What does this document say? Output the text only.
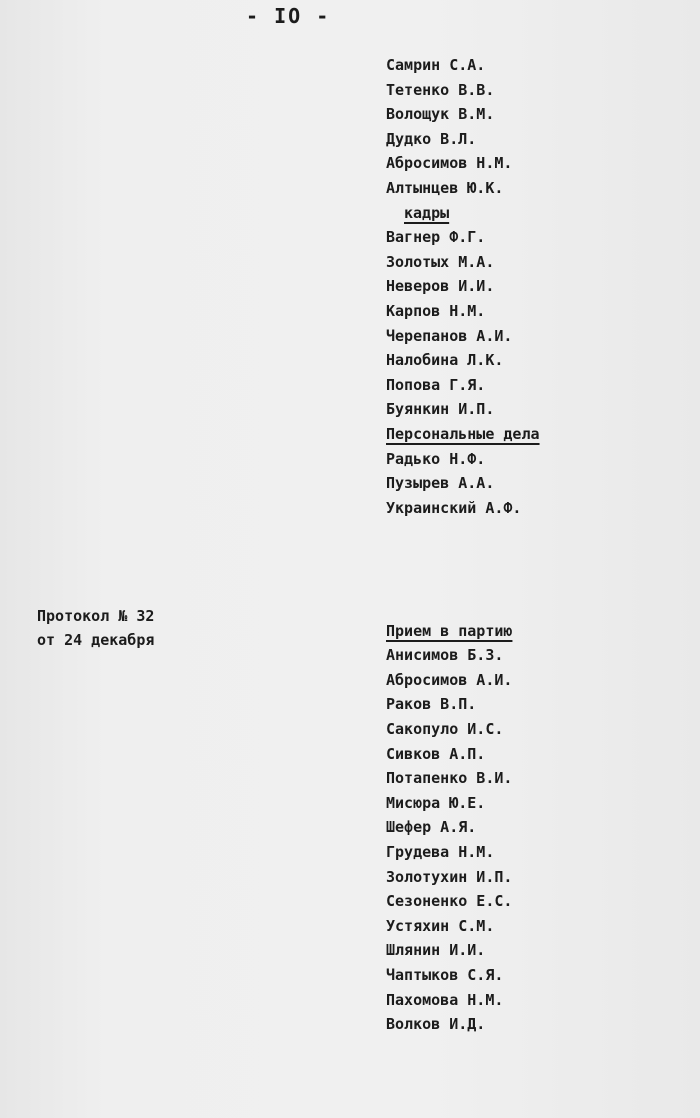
- IO -
Протокол № 32
от 24 декабря
Самрин С.А.
Тетенко В.В.
Волощук В.М.
Дудко В.Л.
Абросимов Н.М.
Алтынцев Ю.К.
кадры
Вагнер Ф.Г.
Золотых М.А.
Неверов И.И.
Карпов Н.М.
Черепанов А.И.
Налобина Л.К.
Попова Г.Я.
Буянкин И.П.
Персональные дела
Радько Н.Ф.
Пузырев А.А.
Украинский А.Ф.
Прием в партию
Анисимов Б.З.
Абросимов А.И.
Раков В.П.
Сакопуло И.С.
Сивков А.П.
Потапенко В.И.
Мисюра Ю.Е.
Шефер А.Я.
Грудева Н.М.
Золотухин И.П.
Сезоненко Е.С.
Устяхин С.М.
Шлянин И.И.
Чаптыков С.Я.
Пахомова Н.М.
Волков И.Д.
